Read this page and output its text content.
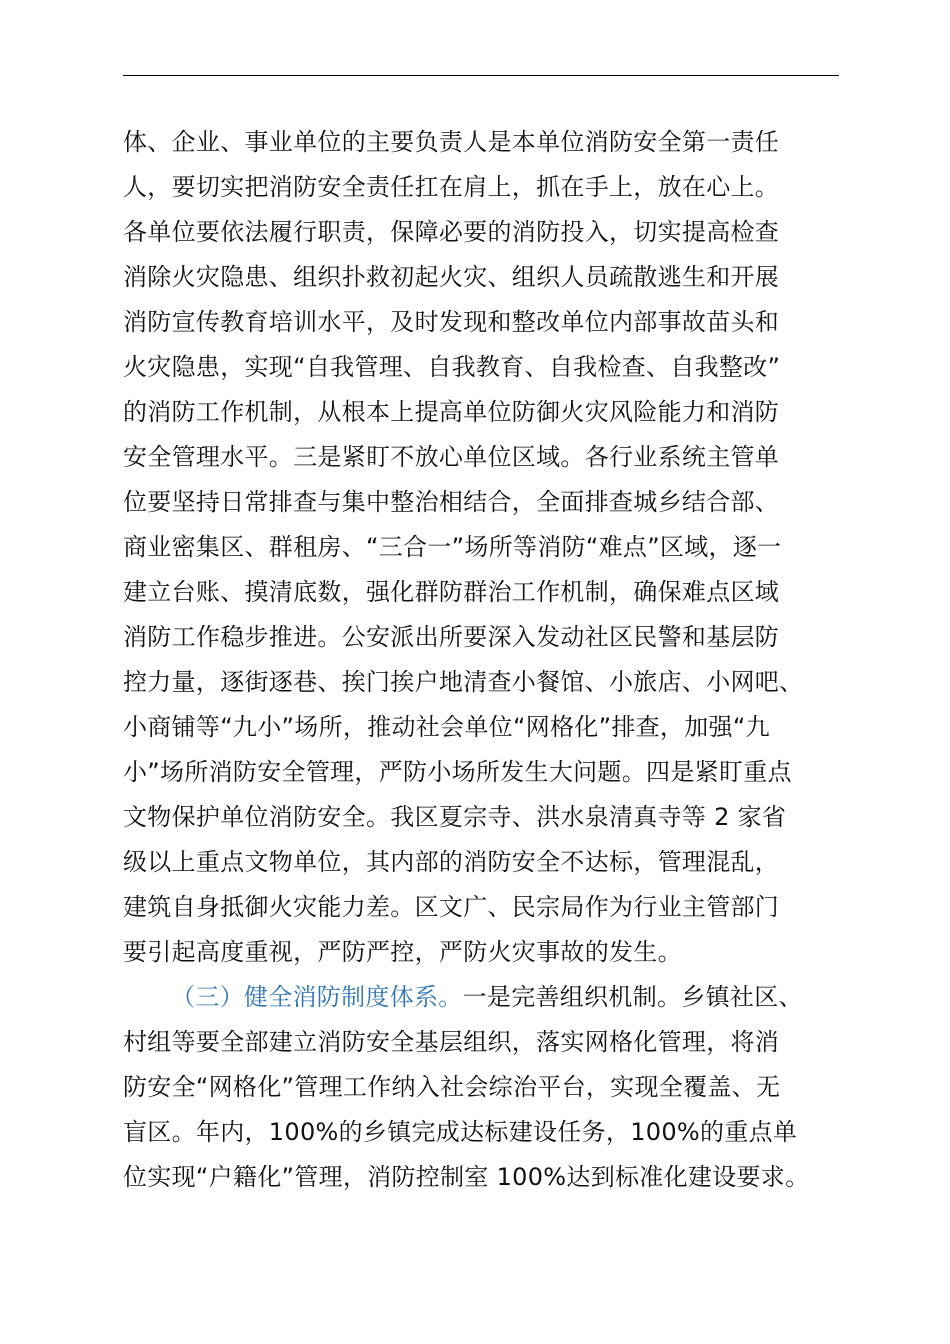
体、企业、事业单位的主要负责人是本单位消防安全第一责任
人，要切实把消防安全责任扛在肩上，抓在手上，放在心上。
各单位要依法履行职责，保障必要的消防投入，切实提高检查
消除火灾隐患、组织扑救初起火灾、组织人员疏散逃生和开展
消防宣传教育培训水平，及时发现和整改单位内部事故苗头和
火灾隐患，实现“自我管理、自我教育、自我检查、自我整改”
的消防工作机制，从根本上提高单位防御火灾风险能力和消防
安全管理水平。三是紧盯不放心单位区域。各行业系统主管单
位要坚持日常排查与集中整治相结合，全面排查城乡结合部、
商业密集区、群租房、“三合一”场所等消防“难点”区域，逐一
建立台账、摸清底数，强化群防群治工作机制，确保难点区域
消防工作稳步推进。公安派出所要深入发动社区民警和基层防
控力量，逐街逐巷、挨门挨户地清查小餐馆、小旅店、小网吧、
小商铺等“九小”场所，推动社会单位“网格化”排查，加强“九
小”场所消防安全管理，严防小场所发生大问题。四是紧盯重点
文物保护单位消防安全。我区夏宗寺、洪水泉清真寺等 2 家省
级以上重点文物单位，其内部的消防安全不达标，管理混乱，
建筑自身抵御火灾能力差。区文广、民宗局作为行业主管部门
要引起高度重视，严防严控，严防火灾事故的发生。
（三）健全消防制度体系。一是完善组织机制。乡镇社区、
村组等要全部建立消防安全基层组织，落实网格化管理，将消
防安全“网格化”管理工作纳入社会综治平台，实现全覆盖、无
盲区。年内，100%的乡镇完成达标建设任务，100%的重点单
位实现“户籍化”管理，消防控制室 100%达到标准化建设要求。
